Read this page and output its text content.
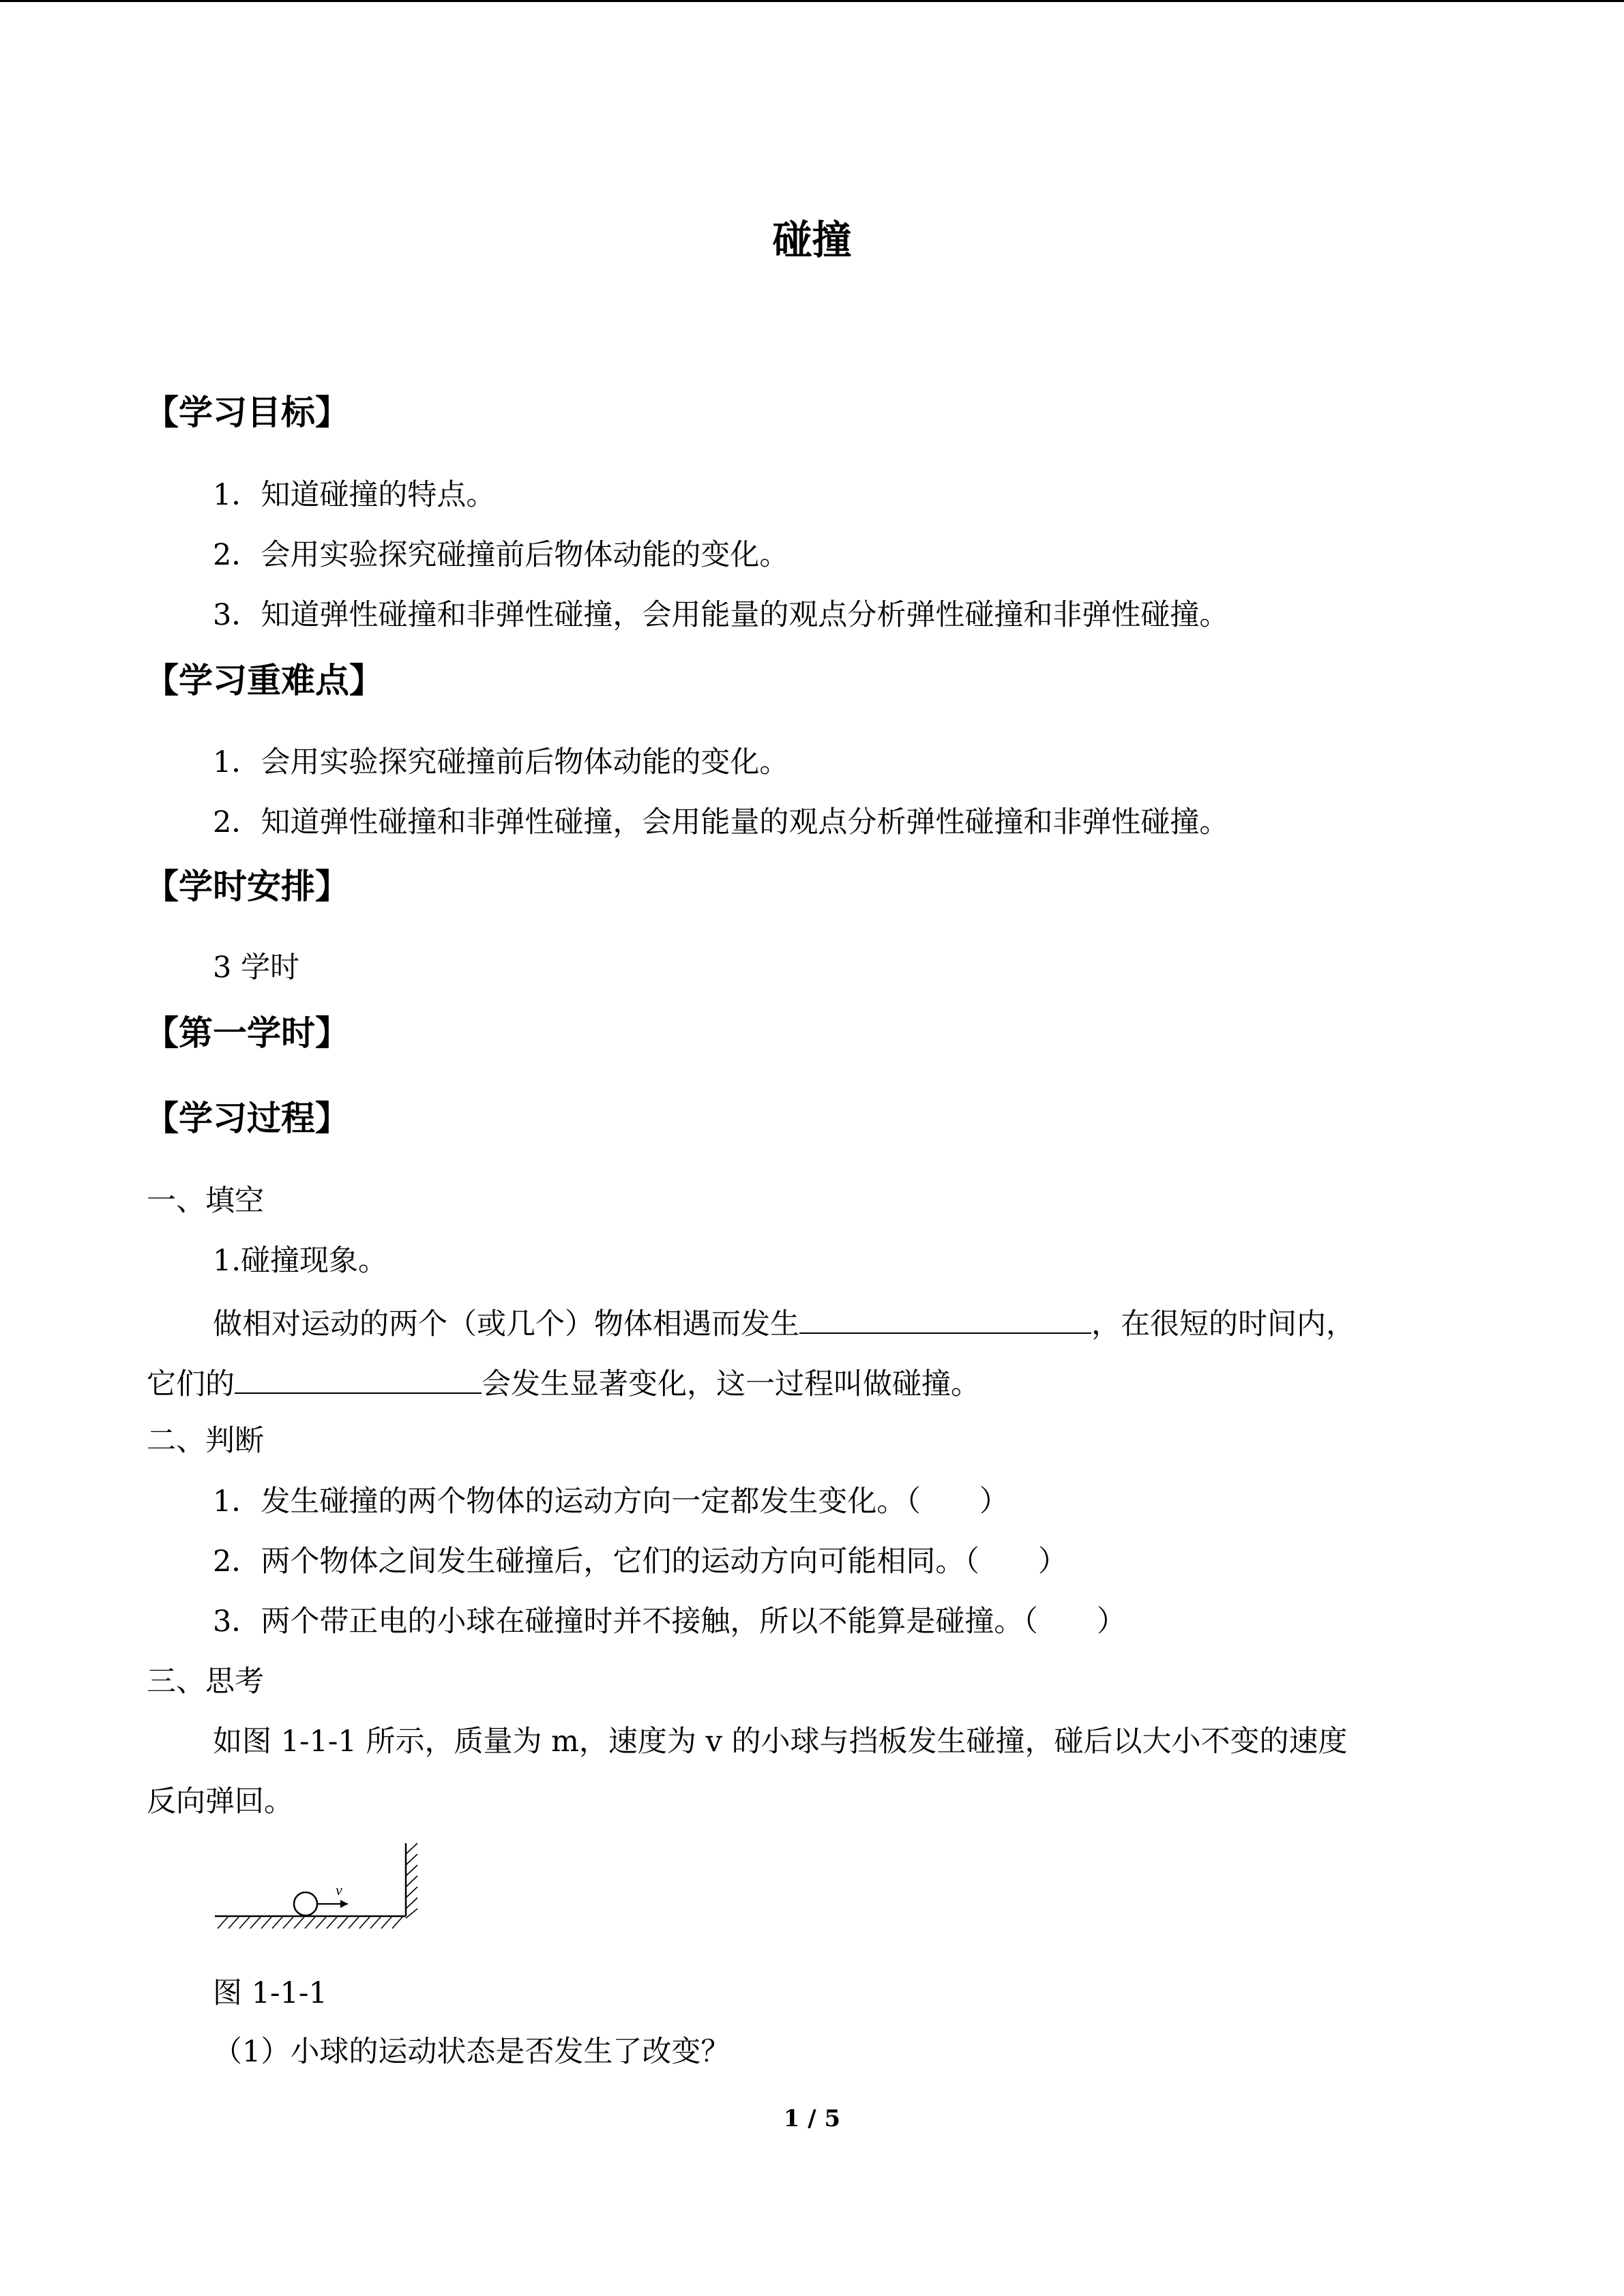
碰撞
【学习目标】
1．知道碰撞的特点。
2．会用实验探究碰撞前后物体动能的变化。
3．知道弹性碰撞和非弹性碰撞，会用能量的观点分析弹性碰撞和非弹性碰撞。
【学习重难点】
1．会用实验探究碰撞前后物体动能的变化。
2．知道弹性碰撞和非弹性碰撞，会用能量的观点分析弹性碰撞和非弹性碰撞。
【学时安排】
3 学时
【第一学时】
【学习过程】
一、填空
1.碰撞现象。
做相对运动的两个（或几个）物体相遇而发生	，在很短的时间内，
它们的	会发生显著变化，这一过程叫做碰撞。
二、判断
1．发生碰撞的两个物体的运动方向一定都发生变化。（　　）
2．两个物体之间发生碰撞后，它们的运动方向可能相同。（　　）
3．两个带正电的小球在碰撞时并不接触，所以不能算是碰撞。（　　）
三、思考
如图 1-1-1 所示，质量为 m，速度为 v 的小球与挡板发生碰撞，碰后以大小不变的速度
反向弹回。
v
图 1-1-1
（1）小球的运动状态是否发生了改变？
1 / 5
